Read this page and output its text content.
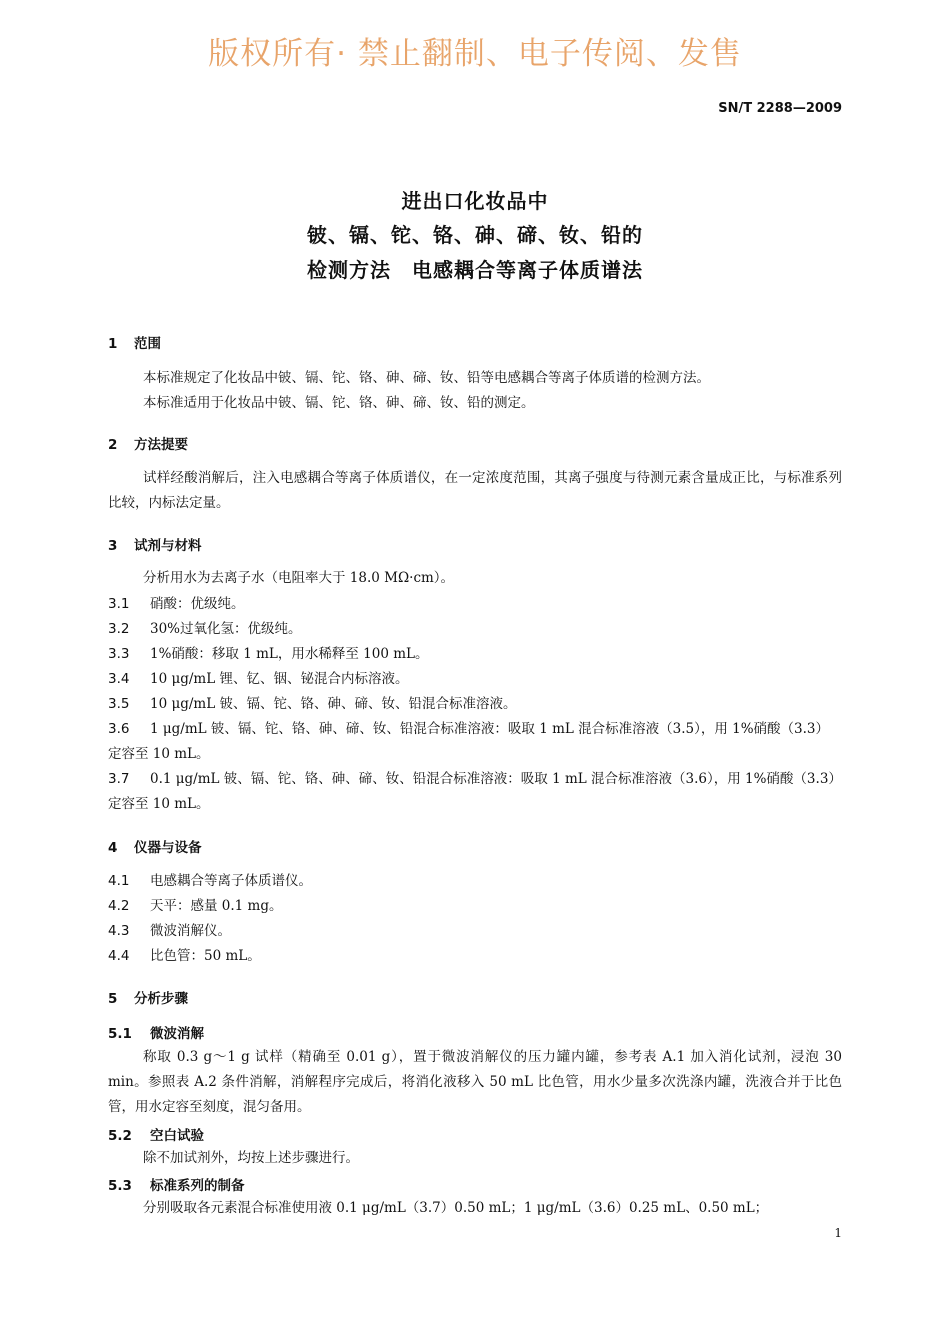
版权所有· 禁止翻制、电子传阅、发售
SN/T 2288—2009
进出口化妆品中
铍、镉、铊、铬、砷、碲、钕、铅的
检测方法　电感耦合等离子体质谱法
1 范围
本标准规定了化妆品中铍、镉、铊、铬、砷、碲、钕、铅等电感耦合等离子体质谱的检测方法。
本标准适用于化妆品中铍、镉、铊、铬、砷、碲、钕、铅的测定。
2 方法提要
试样经酸消解后，注入电感耦合等离子体质谱仪，在一定浓度范围，其离子强度与待测元素含量成正比，与标准系列比较，内标法定量。
3 试剂与材料
分析用水为去离子水（电阻率大于 18.0 MΩ·cm）。
3.1 硝酸：优级纯。
3.2 30%过氧化氢：优级纯。
3.3 1%硝酸：移取 1 mL，用水稀释至 100 mL。
3.4 10 μg/mL 锂、钇、铟、铋混合内标溶液。
3.5 10 μg/mL 铍、镉、铊、铬、砷、碲、钕、铅混合标准溶液。
3.6 1 μg/mL 铍、镉、铊、铬、砷、碲、钕、铅混合标准溶液：吸取 1 mL 混合标准溶液（3.5），用 1%硝酸（3.3）定容至 10 mL。
3.7 0.1 μg/mL 铍、镉、铊、铬、砷、碲、钕、铅混合标准溶液：吸取 1 mL 混合标准溶液（3.6），用 1%硝酸（3.3）定容至 10 mL。
4 仪器与设备
4.1 电感耦合等离子体质谱仪。
4.2 天平：感量 0.1 mg。
4.3 微波消解仪。
4.4 比色管：50 mL。
5 分析步骤
5.1 微波消解
称取 0.3 g～1 g 试样（精确至 0.01 g），置于微波消解仪的压力罐内罐，参考表 A.1 加入消化试剂，浸泡 30 min。参照表 A.2 条件消解，消解程序完成后，将消化液移入 50 mL 比色管，用水少量多次洗涤内罐，洗液合并于比色管，用水定容至刻度，混匀备用。
5.2 空白试验
除不加试剂外，均按上述步骤进行。
5.3 标准系列的制备
分别吸取各元素混合标准使用液 0.1 μg/mL（3.7）0.50 mL；1 μg/mL（3.6）0.25 mL、0.50 mL；
1
